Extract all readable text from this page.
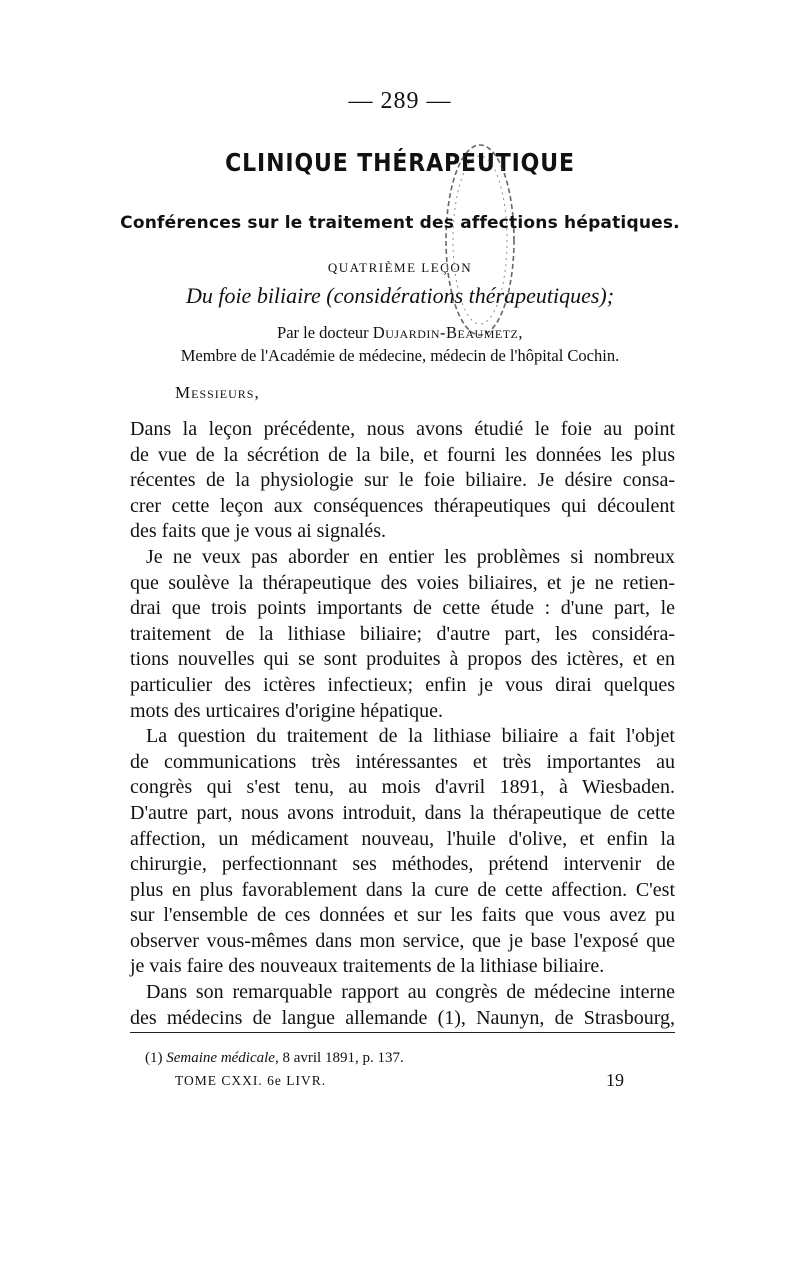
— 289 —
CLINIQUE THÉRAPEUTIQUE
Conférences sur le traitement des affections hépatiques.
QUATRIÈME LEÇON
Du foie biliaire (considérations thérapeutiques);
Par le docteur Dujardin-Beaumetz,
Membre de l'Académie de médecine, médecin de l'hôpital Cochin.
Messieurs,
Dans la leçon précédente, nous avons étudié le foie au point
de vue de la sécrétion de la bile, et fourni les données les plus
récentes de la physiologie sur le foie biliaire. Je désire consa-
crer cette leçon aux conséquences thérapeutiques qui découlent
des faits que je vous ai signalés.
Je ne veux pas aborder en entier les problèmes si nombreux
que soulève la thérapeutique des voies biliaires, et je ne retien-
drai que trois points importants de cette étude : d'une part, le
traitement de la lithiase biliaire; d'autre part, les considéra-
tions nouvelles qui se sont produites à propos des ictères, et en
particulier des ictères infectieux; enfin je vous dirai quelques
mots des urticaires d'origine hépatique.
La question du traitement de la lithiase biliaire a fait l'objet
de communications très intéressantes et très importantes au
congrès qui s'est tenu, au mois d'avril 1891, à Wiesbaden.
D'autre part, nous avons introduit, dans la thérapeutique de cette
affection, un médicament nouveau, l'huile d'olive, et enfin la
chirurgie, perfectionnant ses méthodes, prétend intervenir de
plus en plus favorablement dans la cure de cette affection. C'est
sur l'ensemble de ces données et sur les faits que vous avez pu
observer vous-mêmes dans mon service, que je base l'exposé que
je vais faire des nouveaux traitements de la lithiase biliaire.
Dans son remarquable rapport au congrès de médecine interne
des médecins de langue allemande (1), Naunyn, de Strasbourg,
(1) Semaine médicale, 8 avril 1891, p. 137.
TOME CXXI. 6e LIVR.	19
